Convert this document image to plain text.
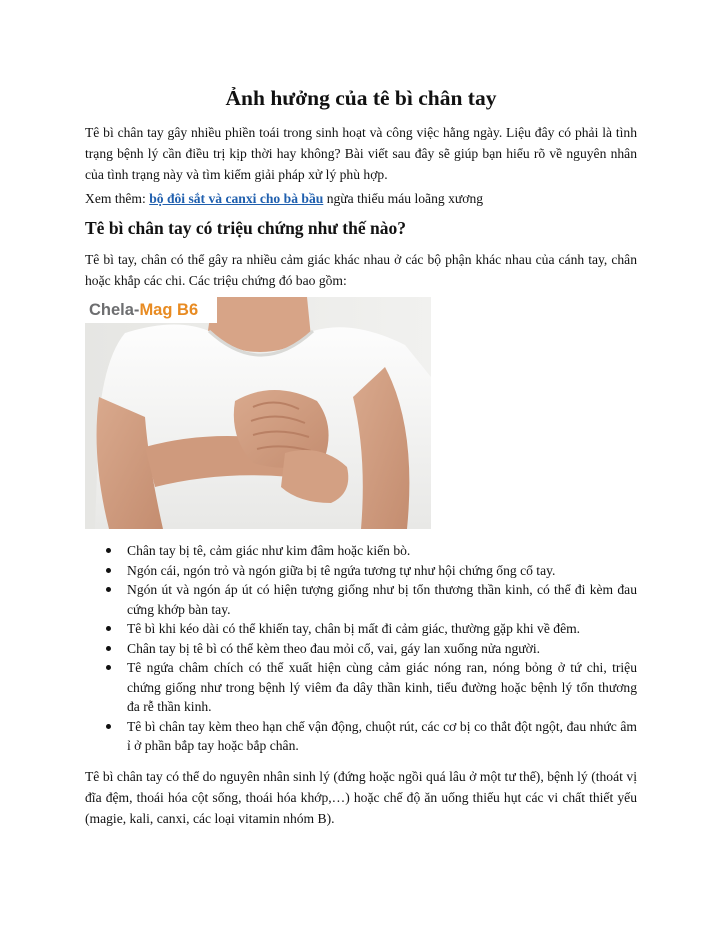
Ảnh hưởng của tê bì chân tay

Tê bì chân tay gây nhiều phiền toái trong sinh hoạt và công việc hằng ngày. Liệu đây có phải là tình trạng bệnh lý cần điều trị kịp thời hay không? Bài viết sau đây sẽ giúp bạn hiểu rõ về nguyên nhân của tình trạng này và tìm kiếm giải pháp xử lý phù hợp.

Xem thêm: bộ đôi sắt và canxi cho bà bầu ngừa thiếu máu loãng xương

Tê bì chân tay có triệu chứng như thế nào?

Tê bì tay, chân có thể gây ra nhiều cảm giác khác nhau ở các bộ phận khác nhau của cánh tay, chân hoặc khắp các chi. Các triệu chứng đó bao gồm:

Chela-Mag B6
Chân tay bị tê, cảm giác như kim đâm hoặc kiến bò.
Ngón cái, ngón trỏ và ngón giữa bị tê ngứa tương tự như hội chứng ống cổ tay.
Ngón út và ngón áp út có hiện tượng giống như bị tổn thương thần kinh, có thể đi kèm đau cứng khớp bàn tay.
Tê bì khi kéo dài có thể khiến tay, chân bị mất đi cảm giác, thường gặp khi về đêm.
Chân tay bị tê bì có thể kèm theo đau mỏi cổ, vai, gáy lan xuống nửa người.
Tê ngứa châm chích có thể xuất hiện cùng cảm giác nóng ran, nóng bỏng ở tứ chi, triệu chứng giống như trong bệnh lý viêm đa dây thần kinh, tiểu đường hoặc bệnh lý tổn thương đa rễ thần kinh.
Tê bì chân tay kèm theo hạn chế vận động, chuột rút, các cơ bị co thắt đột ngột, đau nhức âm ỉ ở phần bắp tay hoặc bắp chân.

Tê bì chân tay có thể do nguyên nhân sinh lý (đứng hoặc ngồi quá lâu ở một tư thế), bệnh lý (thoát vị đĩa đệm, thoái hóa cột sống, thoái hóa khớp,…) hoặc chế độ ăn uống thiếu hụt các vi chất thiết yếu (magie, kali, canxi, các loại vitamin nhóm B).
